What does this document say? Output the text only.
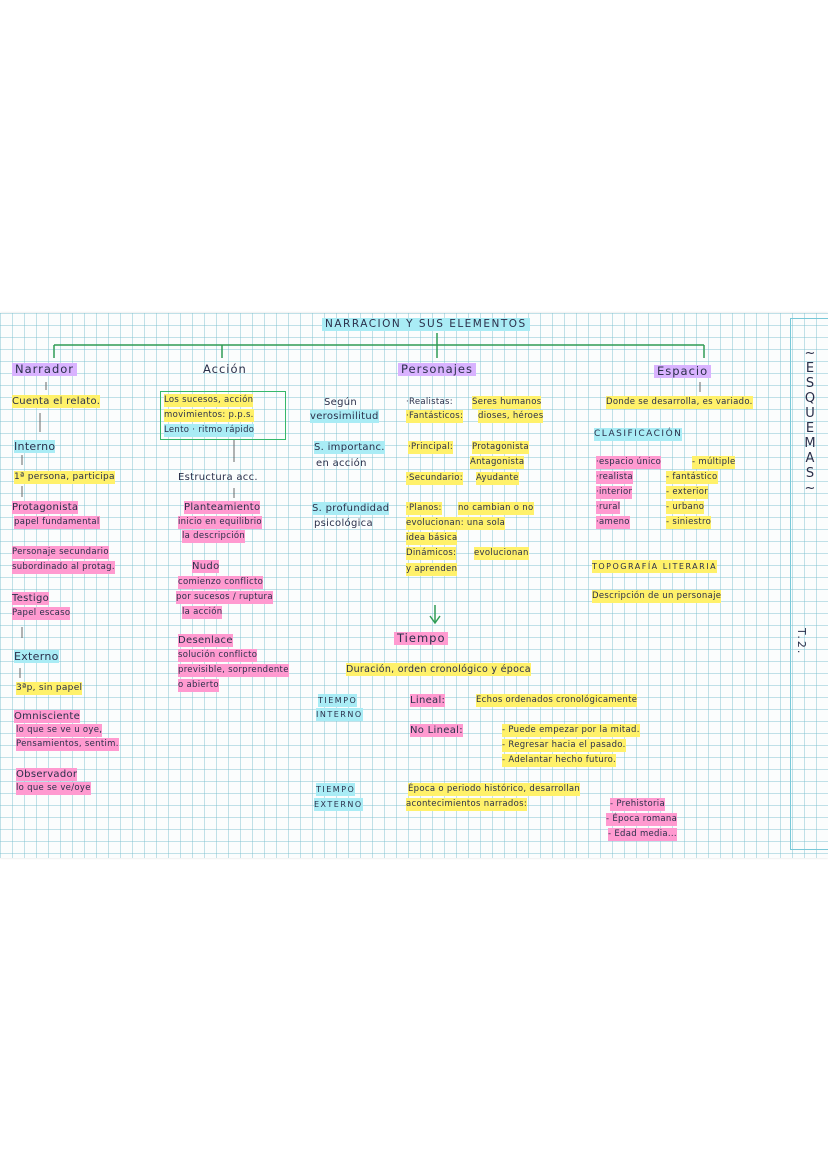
NARRACION Y SUS ELEMENTOS
~ESQUEMAS~
T.2.
Narrador
Cuenta el relato.
Interno
1ª persona, participa
Protagonista
papel fundamental
Personaje secundario
subordinado al protag.
Testigo
Papel escaso
Externo
3ªp, sin papel
Omnisciente
lo que se ve u oye,
Pensamientos, sentim.
Observador
lo que se ve/oye
Acción
Los sucesos, acción
movimientos: p.p.s.
Lento · ritmo rápido
Estructura acc.
Planteamiento
inicio en equilibrio
la descripción
Nudo
comienzo conflicto
por sucesos / ruptura
la acción
Desenlace
solución conflicto
previsible, sorprendente
o abierto
Personajes
Según
verosimilitud
·Realistas: Seres humanos
·Fantásticos: dioses, héroes
S. importanc.
en acción
·Principal: Protagonista
Antagonista
·Secundario: Ayudante
S. profundidad
psicológica
·Planos: no cambian o no
evolucionan: una sola
idea básica
Dinámicos: evolucionan
y aprenden
Espacio
Donde se desarrolla, es variado.
CLASIFICACIÓN
·espacio único	- múltiple
·realista	- fantástico
·interior	- exterior
·rural	- urbano
·ameno	- siniestro
TOPOGRAFÍA LITERARIA
Descripción de un personaje
Tiempo
Duración, orden cronológico y época
TIEMPO
INTERNO
Lineal:	Echos ordenados cronológicamente
No Lineal:	- Puede empezar por la mitad.
- Regresar hacia el pasado.
- Adelantar hecho futuro.
TIEMPO
EXTERNO
Época o periodo histórico, desarrollan
acontecimientos narrados:	- Prehistoria
- Época romana
- Edad media...
